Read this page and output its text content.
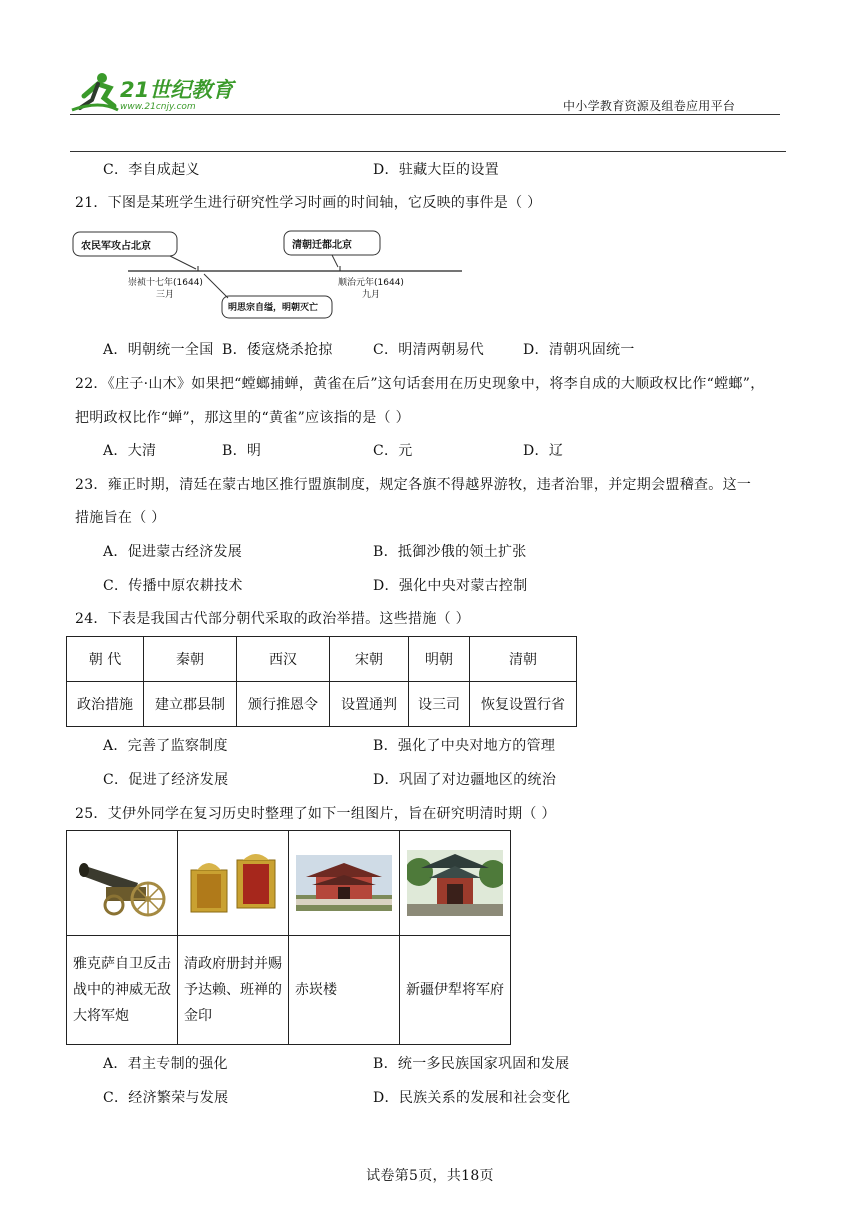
21世纪教育
www.21cnjy.com	中小学教育资源及组卷应用平台
C．李自成起义	D．驻藏大臣的设置
21．下图是某班学生进行研究性学习时画的时间轴，它反映的事件是（ ）
农民军攻占北京	清朝迁都北京
明思宗自缢，明朝灭亡
崇祯十七年(1644)
三月
顺治元年(1644)
九月
A．明朝统一全国 B．倭寇烧杀抢掠	C．明清两朝易代	D．清朝巩固统一
22．《庄子·山木》如果把“螳螂捕蝉，黄雀在后”这句话套用在历史现象中，将李自成的大顺政权比作“螳螂”，
把明政权比作“蝉”，那这里的“黄雀”应该指的是（ ）
A．大清	B．明	C．元	D．辽
23．雍正时期，清廷在蒙古地区推行盟旗制度，规定各旗不得越界游牧，违者治罪，并定期会盟稽查。这一
措施旨在（ ）
A．促进蒙古经济发展	B．抵御沙俄的领土扩张
C．传播中原农耕技术	D．强化中央对蒙古控制
24．下表是我国古代部分朝代采取的政治举措。这些措施（ ）
朝 代	秦朝	西汉	宋朝	明朝	清朝
政治措施	建立郡县制	颁行推恩令	设置通判	设三司	恢复设置行省
A．完善了监察制度	B．强化了中央对地方的管理
C．促进了经济发展	D．巩固了对边疆地区的统治
25．艾伊外同学在复习历史时整理了如下一组图片，旨在研究明清时期（ ）

雅克萨自卫反击战中的神威无敌大将军炮	清政府册封并赐予达赖、班禅的金印	赤崁楼	新疆伊犁将军府
A．君主专制的强化	B．统一多民族国家巩固和发展
C．经济繁荣与发展	D．民族关系的发展和社会变化
试卷第5页，共18页
